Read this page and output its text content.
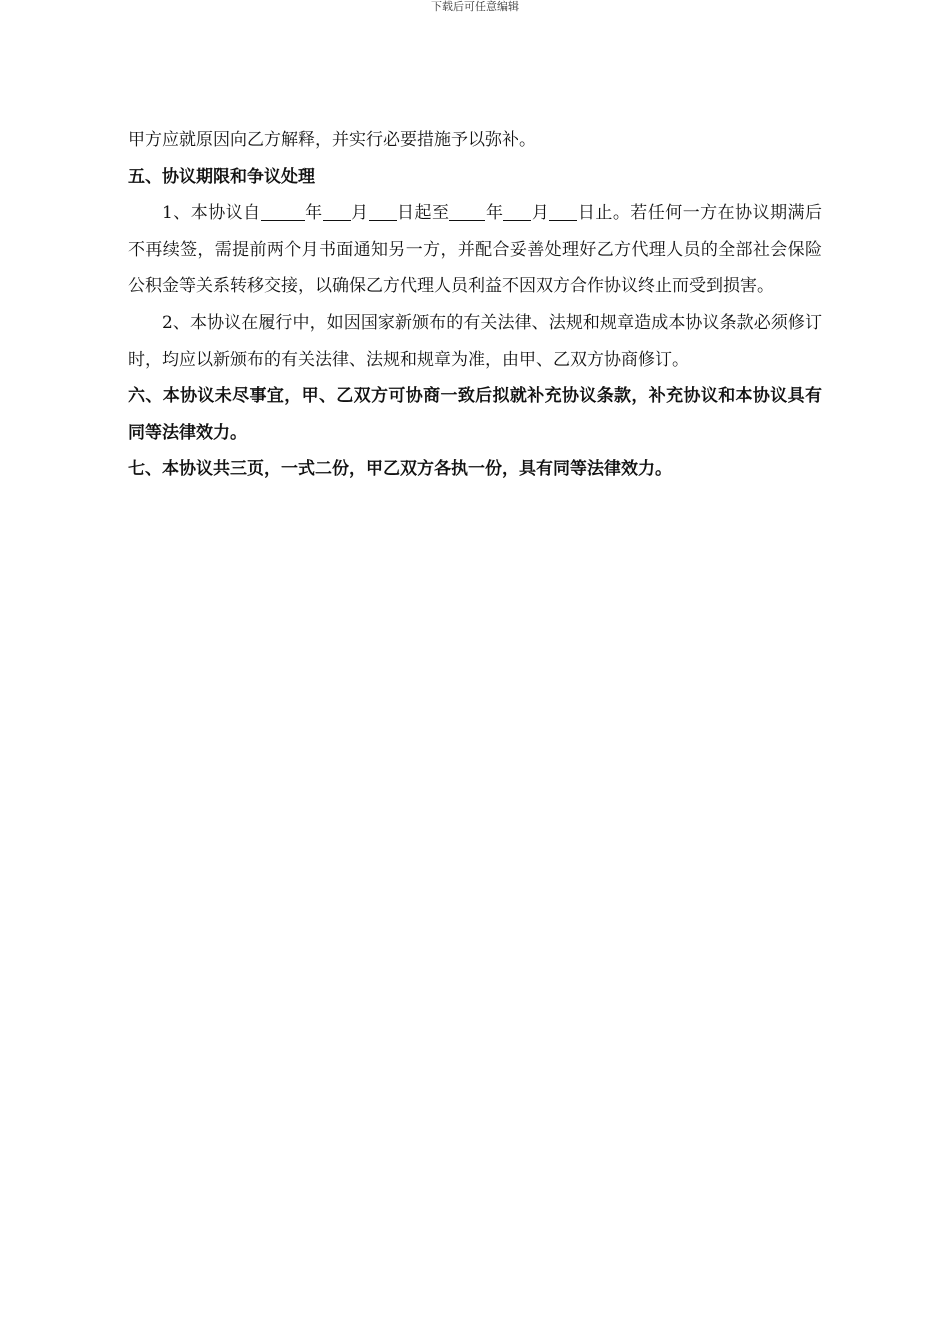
下载后可任意编辑

甲方应就原因向乙方解释，并实行必要措施予以弥补。

五、协议期限和争议处理

1、本协议自	年 月 日起至 年 月 日止。若任何一方在协议期满后不再续签，需提前两个月书面通知另一方，并配合妥善处理好乙方代理人员的全部社会保险公积金等关系转移交接，以确保乙方代理人员利益不因双方合作协议终止而受到损害。

2、本协议在履行中，如因国家新颁布的有关法律、法规和规章造成本协议条款必须修订时，均应以新颁布的有关法律、法规和规章为准，由甲、乙双方协商修订。

六、本协议未尽事宜，甲、乙双方可协商一致后拟就补充协议条款，补充协议和本协议具有同等法律效力。

七、本协议共三页，一式二份，甲乙双方各执一份，具有同等法律效力。
